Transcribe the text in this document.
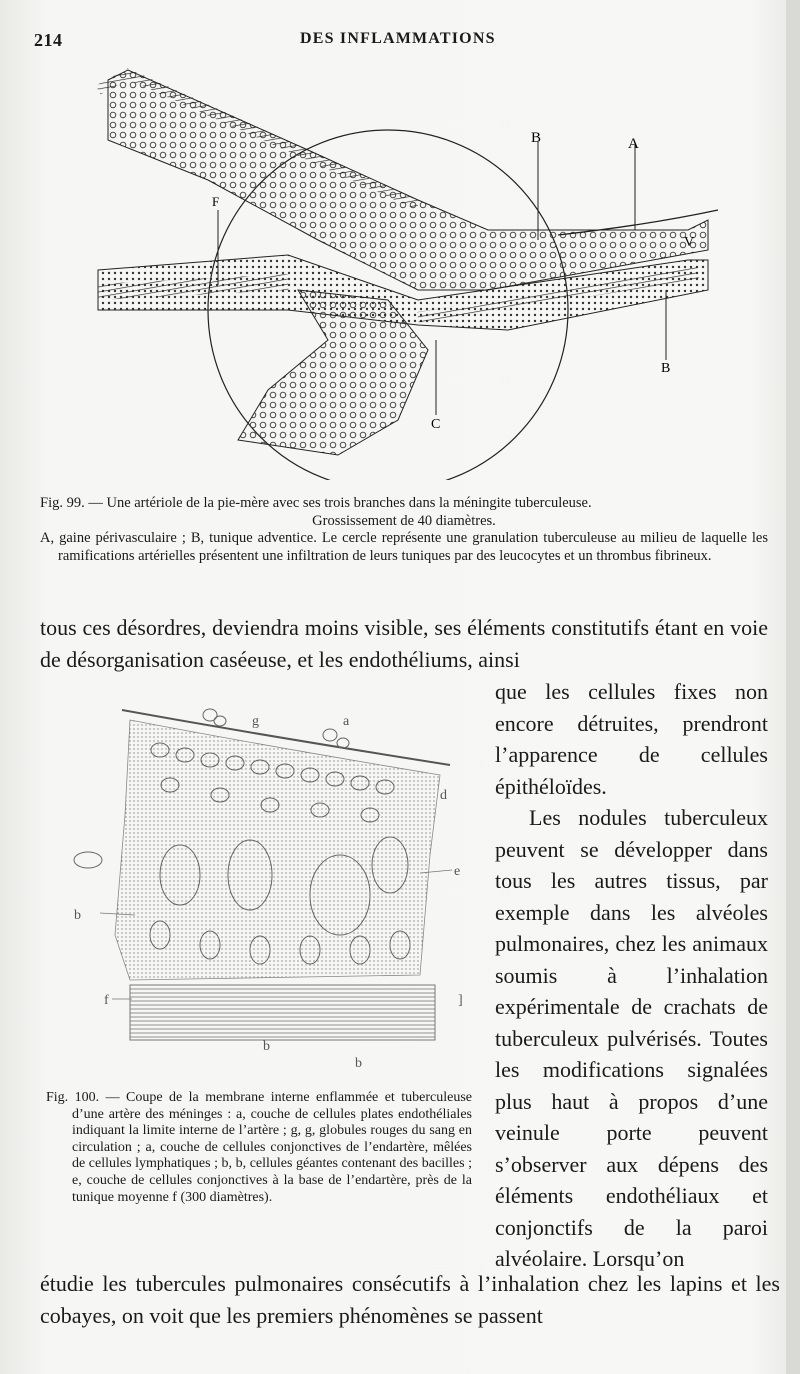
214	DES INFLAMMATIONS
B	A
F
V
B
C

Fig. 99. — Une artériole de la pie-mère avec ses trois branches dans la méningite tuberculeuse.

Grossissement de 40 diamètres.

A, gaine périvasculaire ; B, tunique adventice. Le cercle représente une granulation tuberculeuse au milieu de laquelle les ramifications artérielles présentent une infiltration de leurs tuniques par des leucocytes et un thrombus fibrineux.

tous ces désordres, deviendra moins visible, ses éléments constitutifs étant en voie de désorganisation caséeuse, et les endothéliums, ainsi
g	a
d
e
b
f	]
b
b

Fig. 100. — Coupe de la membrane interne enflammée et tuberculeuse d’une artère des méninges : a, couche de cellules plates endothéliales indiquant la limite interne de l’artère ; g, g, globules rouges du sang en circulation ; a, couche de cellules conjonctives de l’endartère, mêlées de cellules lymphatiques ; b, b, cellules géantes contenant des bacilles ; e, couche de cellules conjonctives à la base de l’endartère, près de la tunique moyenne f (300 diamètres).

que les cellules fixes non encore détruites, prendront l’apparence de cellules épithéloïdes.

Les nodules tuberculeux peuvent se développer dans tous les autres tissus, par exemple dans les alvéoles pulmonaires, chez les animaux soumis à l’inhalation expérimentale de crachats de tuberculeux pulvérisés. Toutes les modifications signalées plus haut à propos d’une veinule porte peuvent s’observer aux dépens des éléments endothéliaux et conjonctifs de la paroi alvéolaire. Lorsqu’on

étudie les tubercules pulmonaires consécutifs à l’inhalation chez les lapins et les cobayes, on voit que les premiers phénomènes se passent
